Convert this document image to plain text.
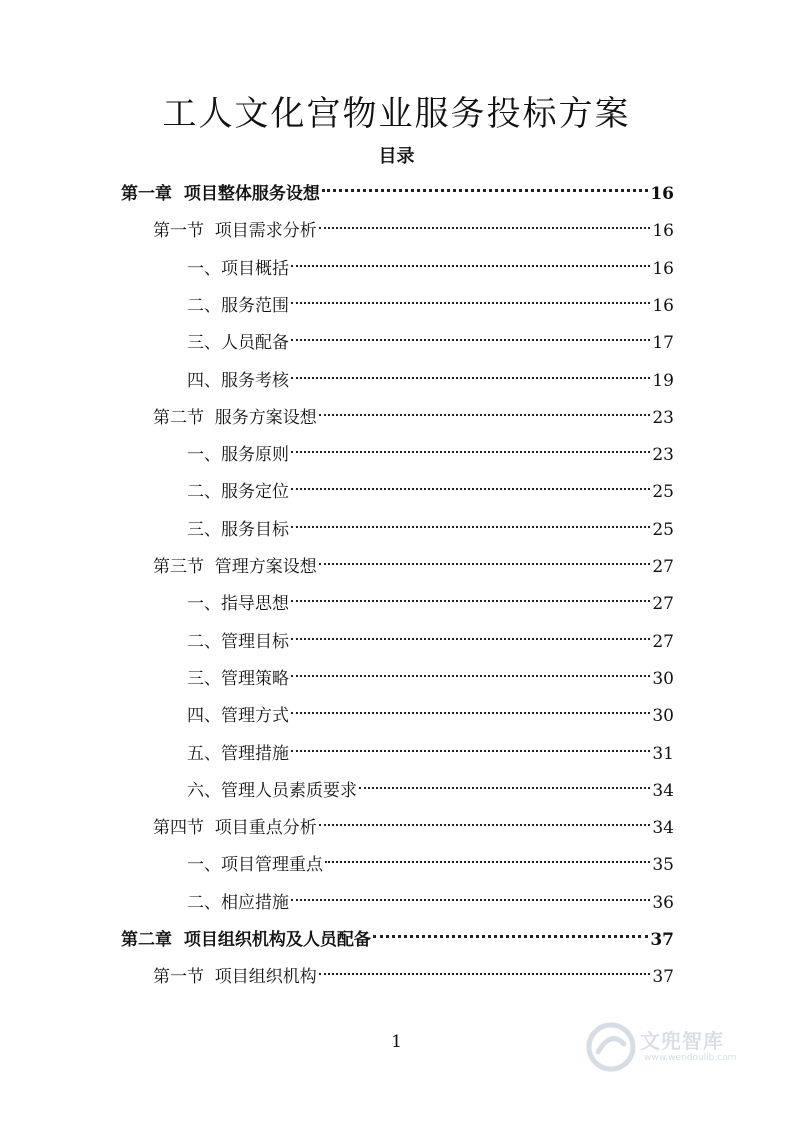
工人文化宫物业服务投标方案
目录
第一章  项目整体服务设想	16
第一节  项目需求分析	16
一、项目概括	16
二、服务范围	16
三、人员配备	17
四、服务考核	19
第二节  服务方案设想	23
一、服务原则	23
二、服务定位	25
三、服务目标	25
第三节  管理方案设想	27
一、指导思想	27
二、管理目标	27
三、管理策略	30
四、管理方式	30
五、管理措施	31
六、管理人员素质要求	34
第四节  项目重点分析	34
一、项目管理重点	35
二、相应措施	36
第二章  项目组织机构及人员配备	37
第一节  项目组织机构	37
1	文兜智库
www.wendoulib.com
